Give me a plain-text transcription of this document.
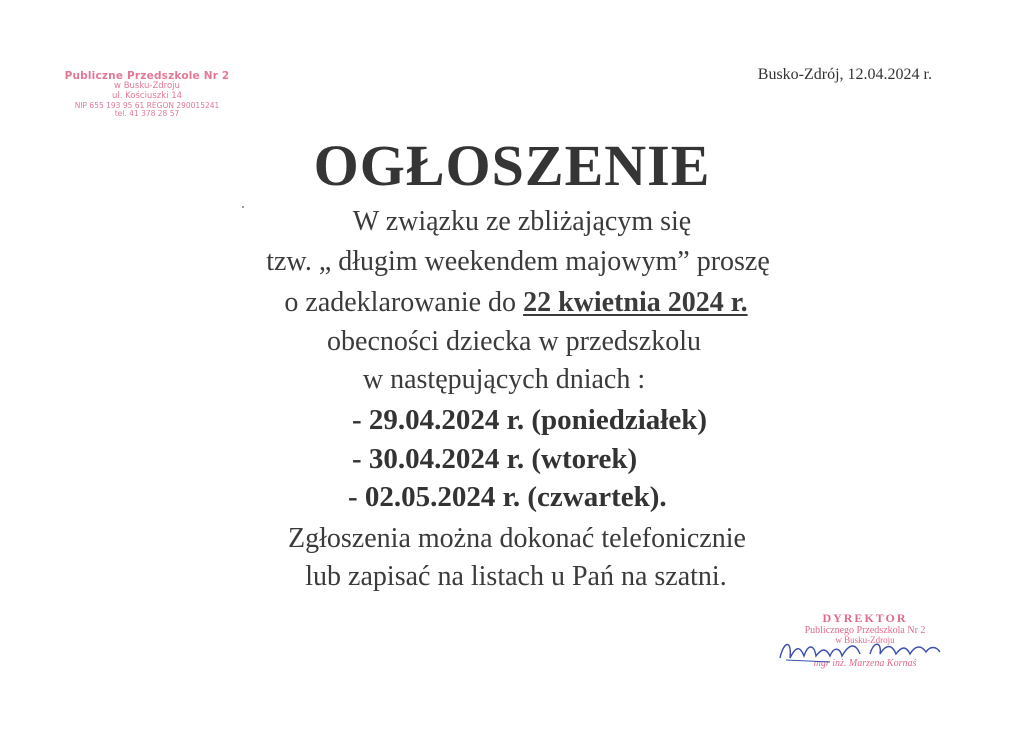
Publiczne Przedszkole Nr 2
w Busku-Zdroju
ul. Kościuszki 14
NIP 655 193 95 61 REGON 290015241
tel. 41 378 28 57
Busko-Zdrój, 12.04.2024 r.
OGŁOSZENIE
W związku ze zbliżającym się
tzw. „ długim weekendem majowym” proszę
o zadeklarowanie do 22 kwietnia 2024 r.
obecności dziecka w przedszkolu
w następujących dniach :
- 29.04.2024 r. (poniedziałek)
- 30.04.2024 r. (wtorek)
- 02.05.2024 r. (czwartek).
Zgłoszenia można dokonać telefonicznie
lub zapisać na listach u Pań na szatni.
DYREKTOR
Publicznego Przedszkola Nr 2
w Busku-Zdroju
mgr inż. Marzena Kornaś
